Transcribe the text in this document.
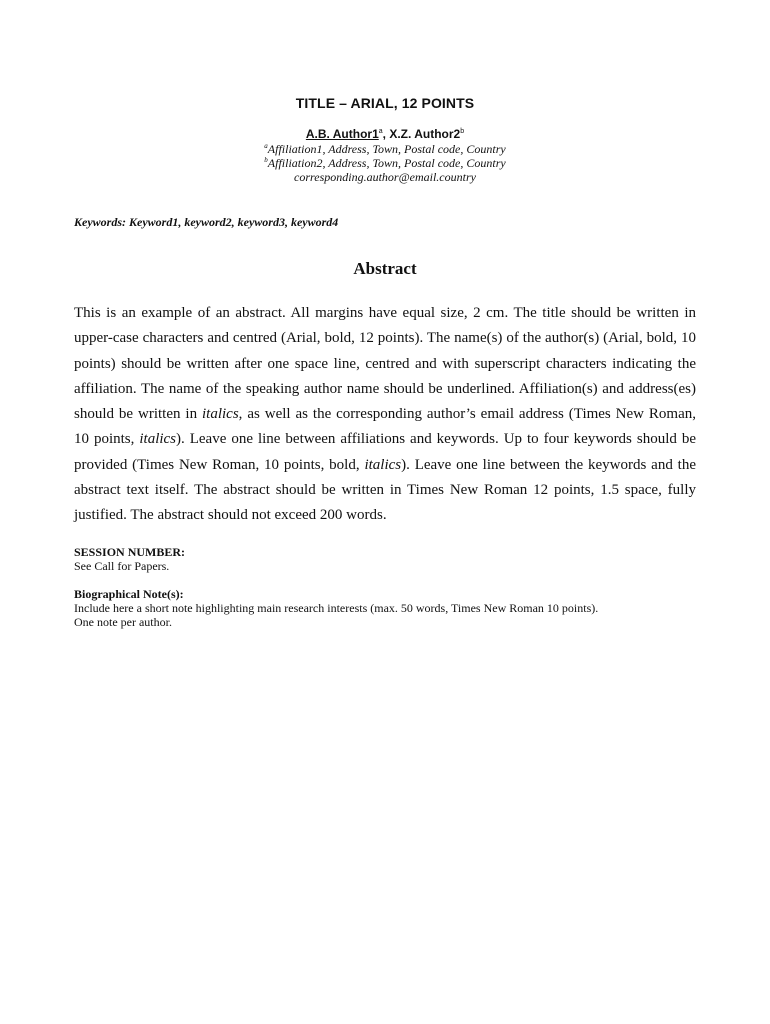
TITLE – ARIAL, 12 POINTS
A.B. Author1$^a$, X.Z. Author2$^b$
$^a$Affiliation1, Address, Town, Postal code, Country
$^b$Affiliation2, Address, Town, Postal code, Country
corresponding.author@email.country
Keywords: Keyword1, keyword2, keyword3, keyword4
Abstract

This is an example of an abstract. All margins have equal size, 2 cm. The title should be written in upper-case characters and centred (Arial, bold, 12 points). The name(s) of the author(s) (Arial, bold, 10 points) should be written after one space line, centred and with superscript characters indicating the affiliation. The name of the speaking author name should be underlined. Affiliation(s) and address(es) should be written in italics, as well as the corresponding author’s email address (Times New Roman, 10 points, italics). Leave one line between affiliations and keywords. Up to four keywords should be provided (Times New Roman, 10 points, bold, italics). Leave one line between the keywords and the abstract text itself. The abstract should be written in Times New Roman 12 points, 1.5 space, fully justified. The abstract should not exceed 200 words.

SESSION NUMBER:
See Call for Papers.
Biographical Note(s):
Include here a short note highlighting main research interests (max. 50 words, Times New Roman 10 points).
One note per author.
